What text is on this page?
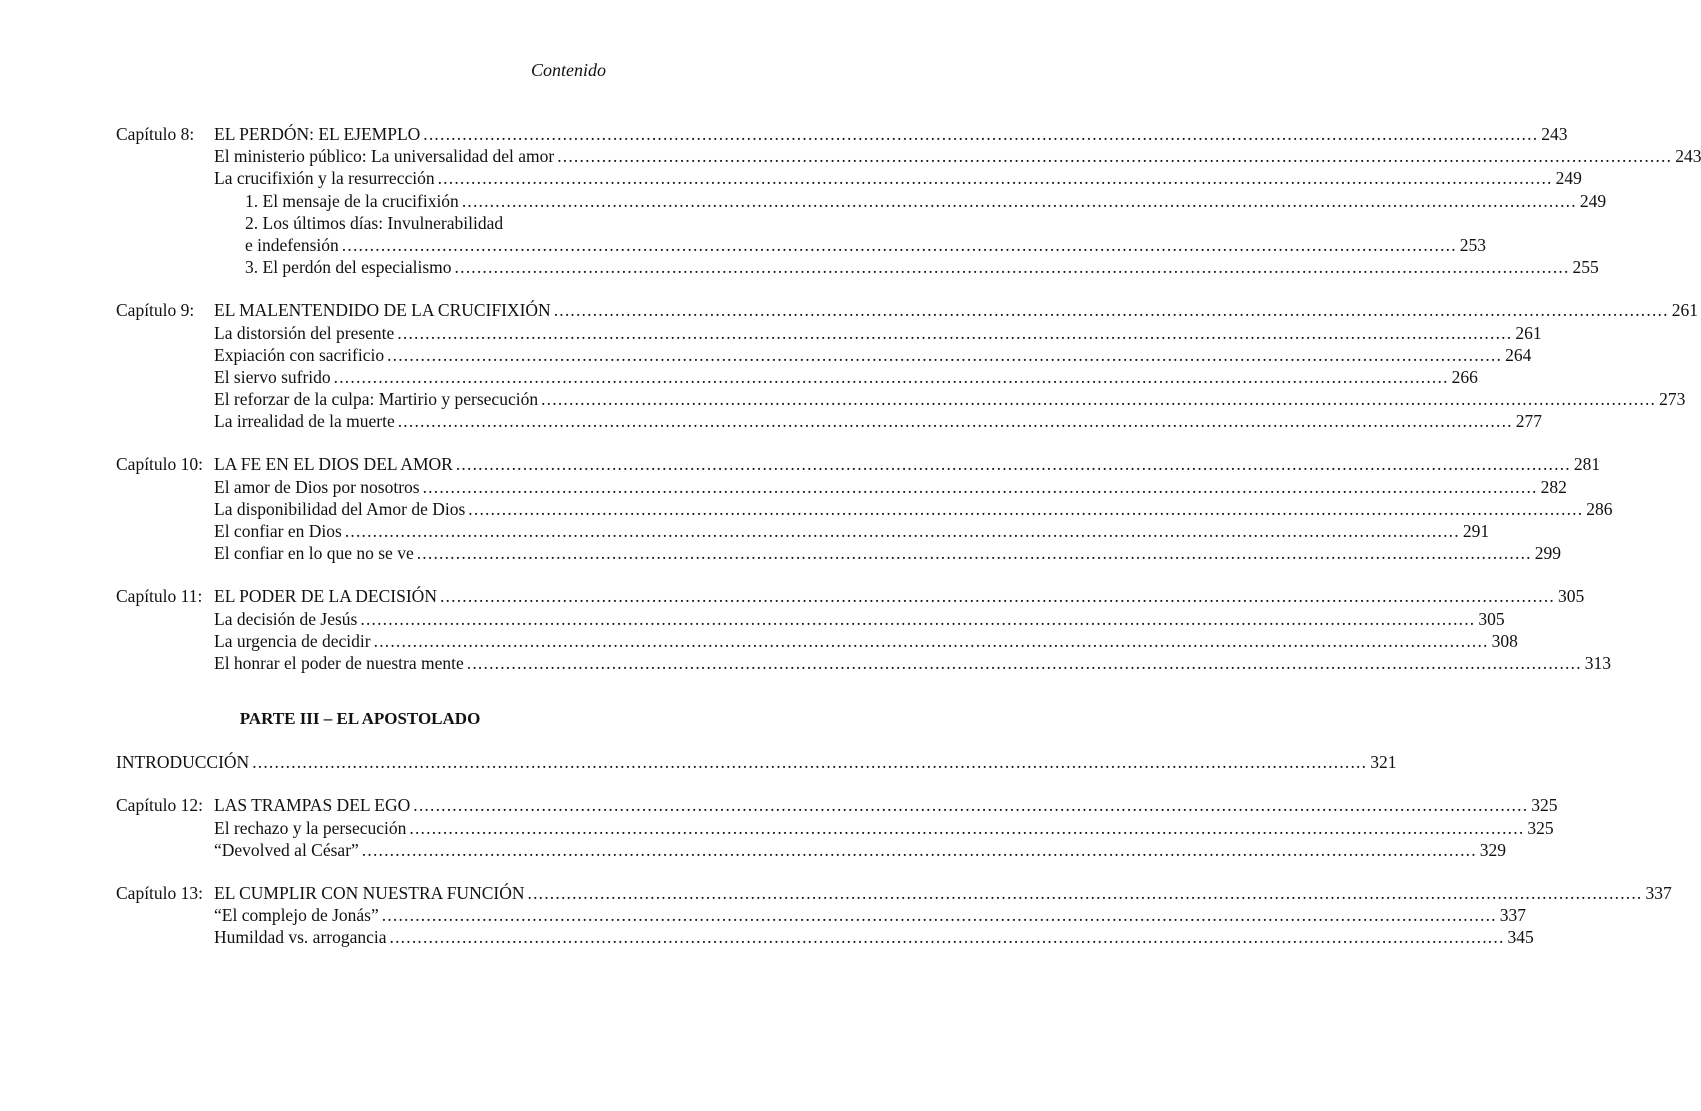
Contenido
Capítulo 8: EL PERDÓN: EL EJEMPLO ........................................................................................................................................................................................................ 243
El ministerio público: La universalidad del amor ........................................................................................................................................................................................................ 243
La crucifixión y la resurrección ........................................................................................................................................................................................................ 249
1. El mensaje de la crucifixión ........................................................................................................................................................................................................ 249
2. Los últimos días: Invulnerabilidad
e indefensión ........................................................................................................................................................................................................ 253
3. El perdón del especialismo ........................................................................................................................................................................................................ 255
Capítulo 9: EL MALENTENDIDO DE LA CRUCIFIXIÓN ........................................................................................................................................................................................................ 261
La distorsión del presente ........................................................................................................................................................................................................ 261
Expiación con sacrificio ........................................................................................................................................................................................................ 264
El siervo sufrido ........................................................................................................................................................................................................ 266
El reforzar de la culpa: Martirio y persecución ........................................................................................................................................................................................................ 273
La irrealidad de la muerte ........................................................................................................................................................................................................ 277
Capítulo 10: LA FE EN EL DIOS DEL AMOR ........................................................................................................................................................................................................ 281
El amor de Dios por nosotros ........................................................................................................................................................................................................ 282
La disponibilidad del Amor de Dios ........................................................................................................................................................................................................ 286
El confiar en Dios ........................................................................................................................................................................................................ 291
El confiar en lo que no se ve ........................................................................................................................................................................................................ 299
Capítulo 11: EL PODER DE LA DECISIÓN ........................................................................................................................................................................................................ 305
La decisión de Jesús ........................................................................................................................................................................................................ 305
La urgencia de decidir ........................................................................................................................................................................................................ 308
El honrar el poder de nuestra mente ........................................................................................................................................................................................................ 313
PARTE III – EL APOSTOLADO
INTRODUCCIÓN ........................................................................................................................................................................................................ 321
Capítulo 12: LAS TRAMPAS DEL EGO ........................................................................................................................................................................................................ 325
El rechazo y la persecución ........................................................................................................................................................................................................ 325
“Devolved al César” ........................................................................................................................................................................................................ 329
Capítulo 13: EL CUMPLIR CON NUESTRA FUNCIÓN ........................................................................................................................................................................................................ 337
“El complejo de Jonás” ........................................................................................................................................................................................................ 337
Humildad vs. arrogancia ........................................................................................................................................................................................................ 345
